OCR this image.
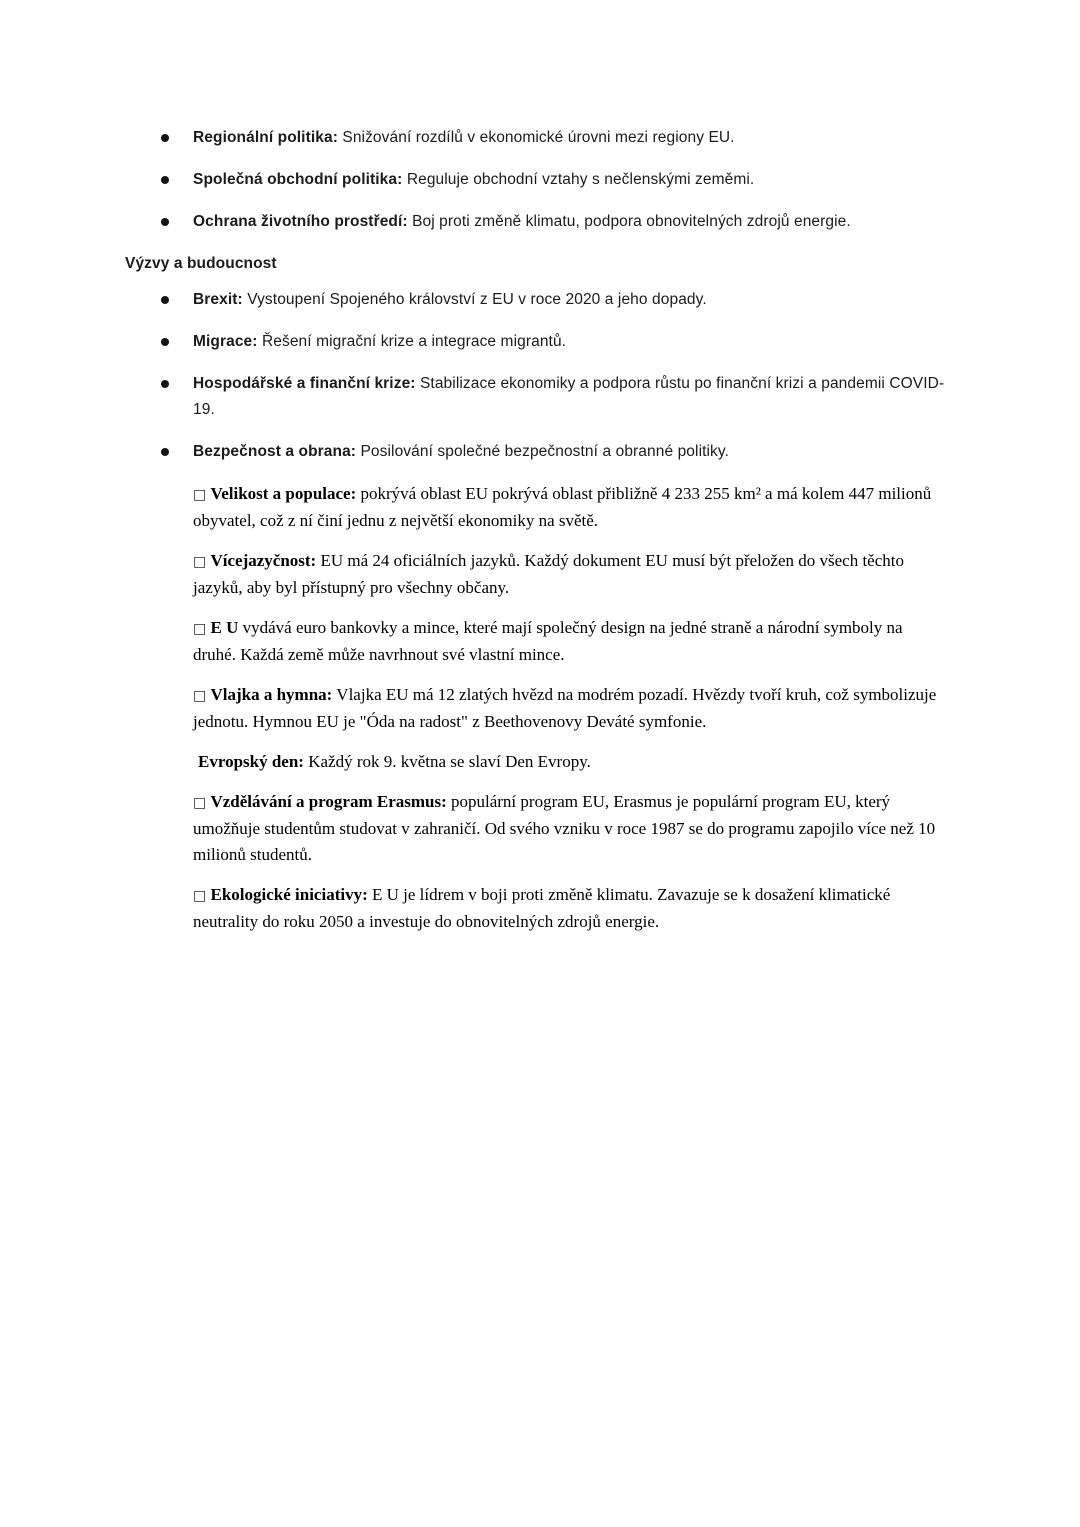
Regionální politika: Snižování rozdílů v ekonomické úrovni mezi regiony EU.
Společná obchodní politika: Reguluje obchodní vztahy s nečlenskými zeměmi.
Ochrana životního prostředí: Boj proti změně klimatu, podpora obnovitelných zdrojů energie.
Výzvy a budoucnost
Brexit: Vystoupení Spojeného království z EU v roce 2020 a jeho dopady.
Migrace: Řešení migrační krize a integrace migrantů.
Hospodářské a finanční krize: Stabilizace ekonomiky a podpora růstu po finanční krizi a pandemii COVID-19.
Bezpečnost a obrana: Posilování společné bezpečnostní a obranné politiky.

□ Velikost a populace: pokrývá oblast EU pokrývá oblast přibližně 4 233 255 km² a má kolem 447 milionů obyvatel, což z ní činí jednu z největší ekonomiky na světě.

□ Vícejazyčnost: EU má 24 oficiálních jazyků. Každý dokument EU musí být přeložen do všech těchto jazyků, aby byl přístupný pro všechny občany.

□ E U vydává euro bankovky a mince, které mají společný design na jedné straně a národní symboly na druhé. Každá země může navrhnout své vlastní mince.

□ Vlajka a hymna: Vlajka EU má 12 zlatých hvězd na modrém pozadí. Hvězdy tvoří kruh, což symbolizuje jednotu. Hymnou EU je "Óda na radost" z Beethovenovy Deváté symfonie.

Evropský den: Každý rok 9. května se slaví Den Evropy.

□ Vzdělávání a program Erasmus: populární program EU, Erasmus je populární program EU, který umožňuje studentům studovat v zahraničí. Od svého vzniku v roce 1987 se do programu zapojilo více než 10 milionů studentů.

□ Ekologické iniciativy: E U je lídrem v boji proti změně klimatu. Zavazuje se k dosažení klimatické neutrality do roku 2050 a investuje do obnovitelných zdrojů energie.
